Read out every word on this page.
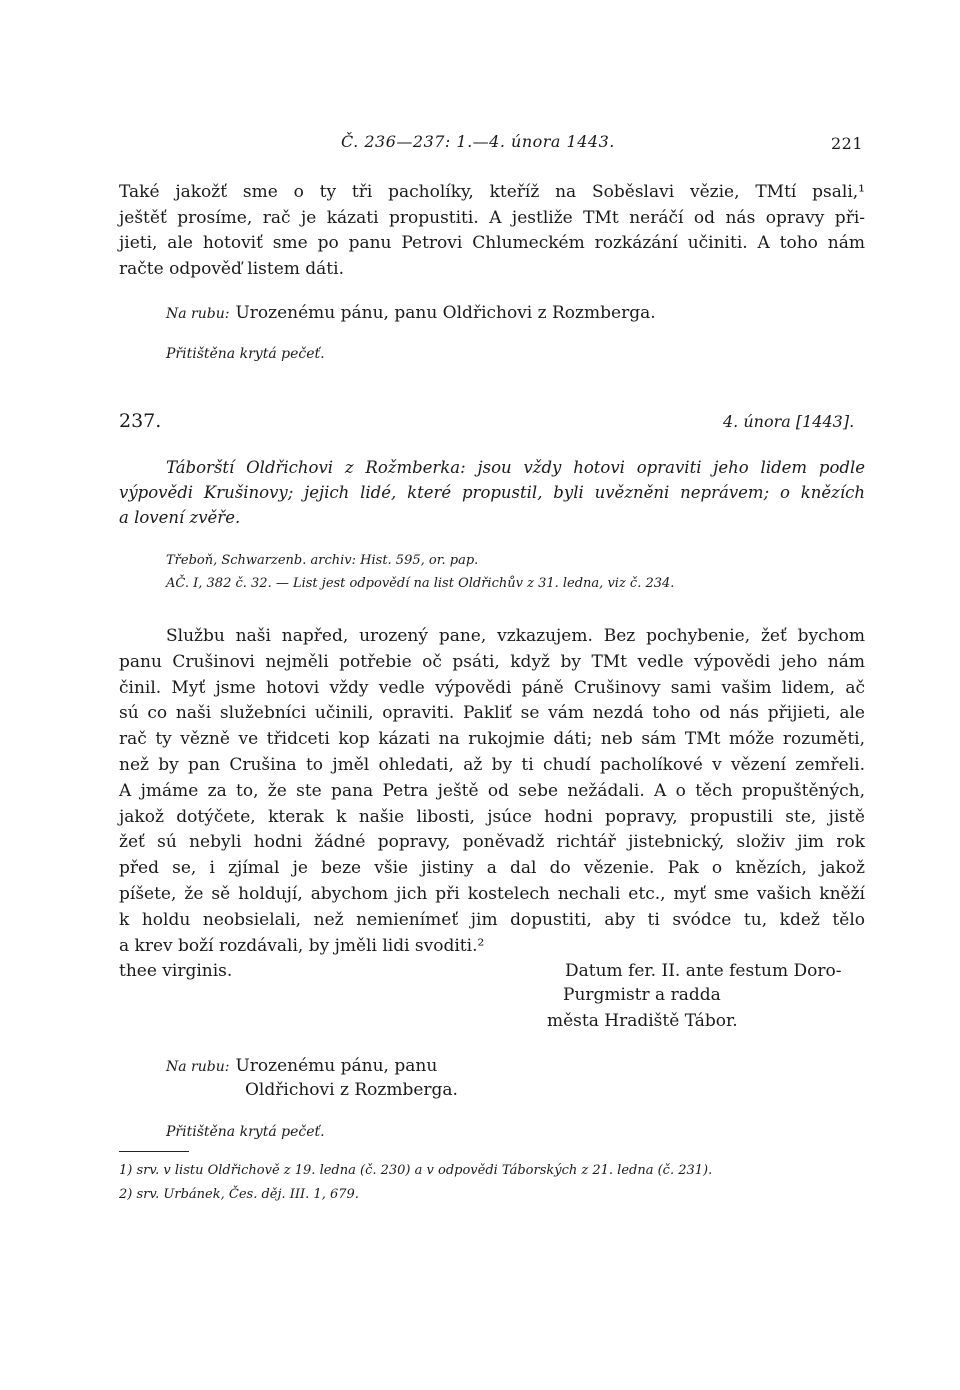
Č. 236—237: 1.—4. února 1443.	221
Také jakožť sme o ty tři pacholíky, kteříž na Soběslavi vězie, TMtí psali,¹
ještěť prosíme, rač je kázati propustiti. A jestliže TMt neráčí od nás opravy při-
jieti, ale hotoviť sme po panu Petrovi Chlumeckém rozkázání učiniti. A toho nám
račte odpověď listem dáti.
Na rubu: Urozenému pánu, panu Oldřichovi z Rozmberga.
Přitištěna krytá pečeť.
237.	4. února [1443].
Táborští Oldřichovi z Rožmberka: jsou vždy hotovi opraviti jeho lidem podle
výpovědi Krušinovy; jejich lidé, které propustil, byli uvězněni neprávem; o knězích
a lovení zvěře.
Třeboň, Schwarzenb. archiv: Hist. 595, or. pap.
AČ. I, 382 č. 32. — List jest odpovědí na list Oldřichův z 31. ledna, viz č. 234.
Službu naši napřed, urozený pane, vzkazujem. Bez pochybenie, žeť bychom
panu Crušinovi nejměli potřebie oč psáti, když by TMt vedle výpovědi jeho nám
činil. Myť jsme hotovi vždy vedle výpovědi páně Crušinovy sami vašim lidem, ač
sú co naši služebníci učinili, opraviti. Pakliť se vám nezdá toho od nás přijieti, ale
rač ty vězně ve třidceti kop kázati na rukojmie dáti; neb sám TMt móže rozuměti,
než by pan Crušina to jměl ohledati, až by ti chudí pacholíkové v vězení zemřeli.
A jmáme za to, že ste pana Petra ještě od sebe nežádali. A o těch propuštěných,
jakož dotýčete, kterak k našie libosti, jsúce hodni popravy, propustili ste, jistě
žeť sú nebyli hodni žádné popravy, poněvadž richtář jistebnický, složiv jim rok
před se, i zjímal je beze všie jistiny a dal do vězenie. Pak o knězích, jakož
píšete, že sě holdují, abychom jich při kostelech nechali etc., myť sme vašich kněží
k holdu neobsielali, než nemienímeť jim dopustiti, aby ti svódce tu, kdež tělo
a krev boží rozdávali, by jměli lidi svoditi.²
thee virginis.	Datum fer. II. ante festum Doro-
Purgmistr a radda
města Hradiště Tábor.
Na rubu: Urozenému pánu, panu
Oldřichovi z Rozmberga.
Přitištěna krytá pečeť.
1) srv. v listu Oldřichově z 19. ledna (č. 230) a v odpovědi Táborských z 21. ledna (č. 231).
2) srv. Urbánek, Čes. děj. III. 1, 679.
